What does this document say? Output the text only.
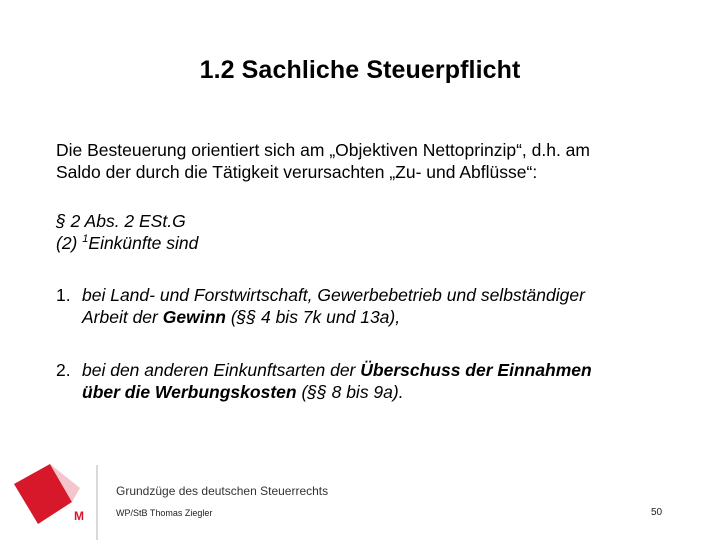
1.2 Sachliche Steuerpflicht
Die Besteuerung orientiert sich am „Objektiven Nettoprinzip“, d.h. am
Saldo der durch die Tätigkeit verursachten „Zu- und Abflüsse“:
§ 2 Abs. 2 ESt.G
(2) $^1$Einkünfte sind
1. bei Land- und Forstwirtschaft, Gewerbebetrieb und selbständiger
Arbeit der Gewinn (§§ 4 bis 7k und 13a),
2. bei den anderen Einkunftsarten der Überschuss der Einnahmen
über die Werbungskosten (§§ 8 bis 9a).
M
Grundzüge des deutschen Steuerrechts
WP/StB Thomas Ziegler	50
